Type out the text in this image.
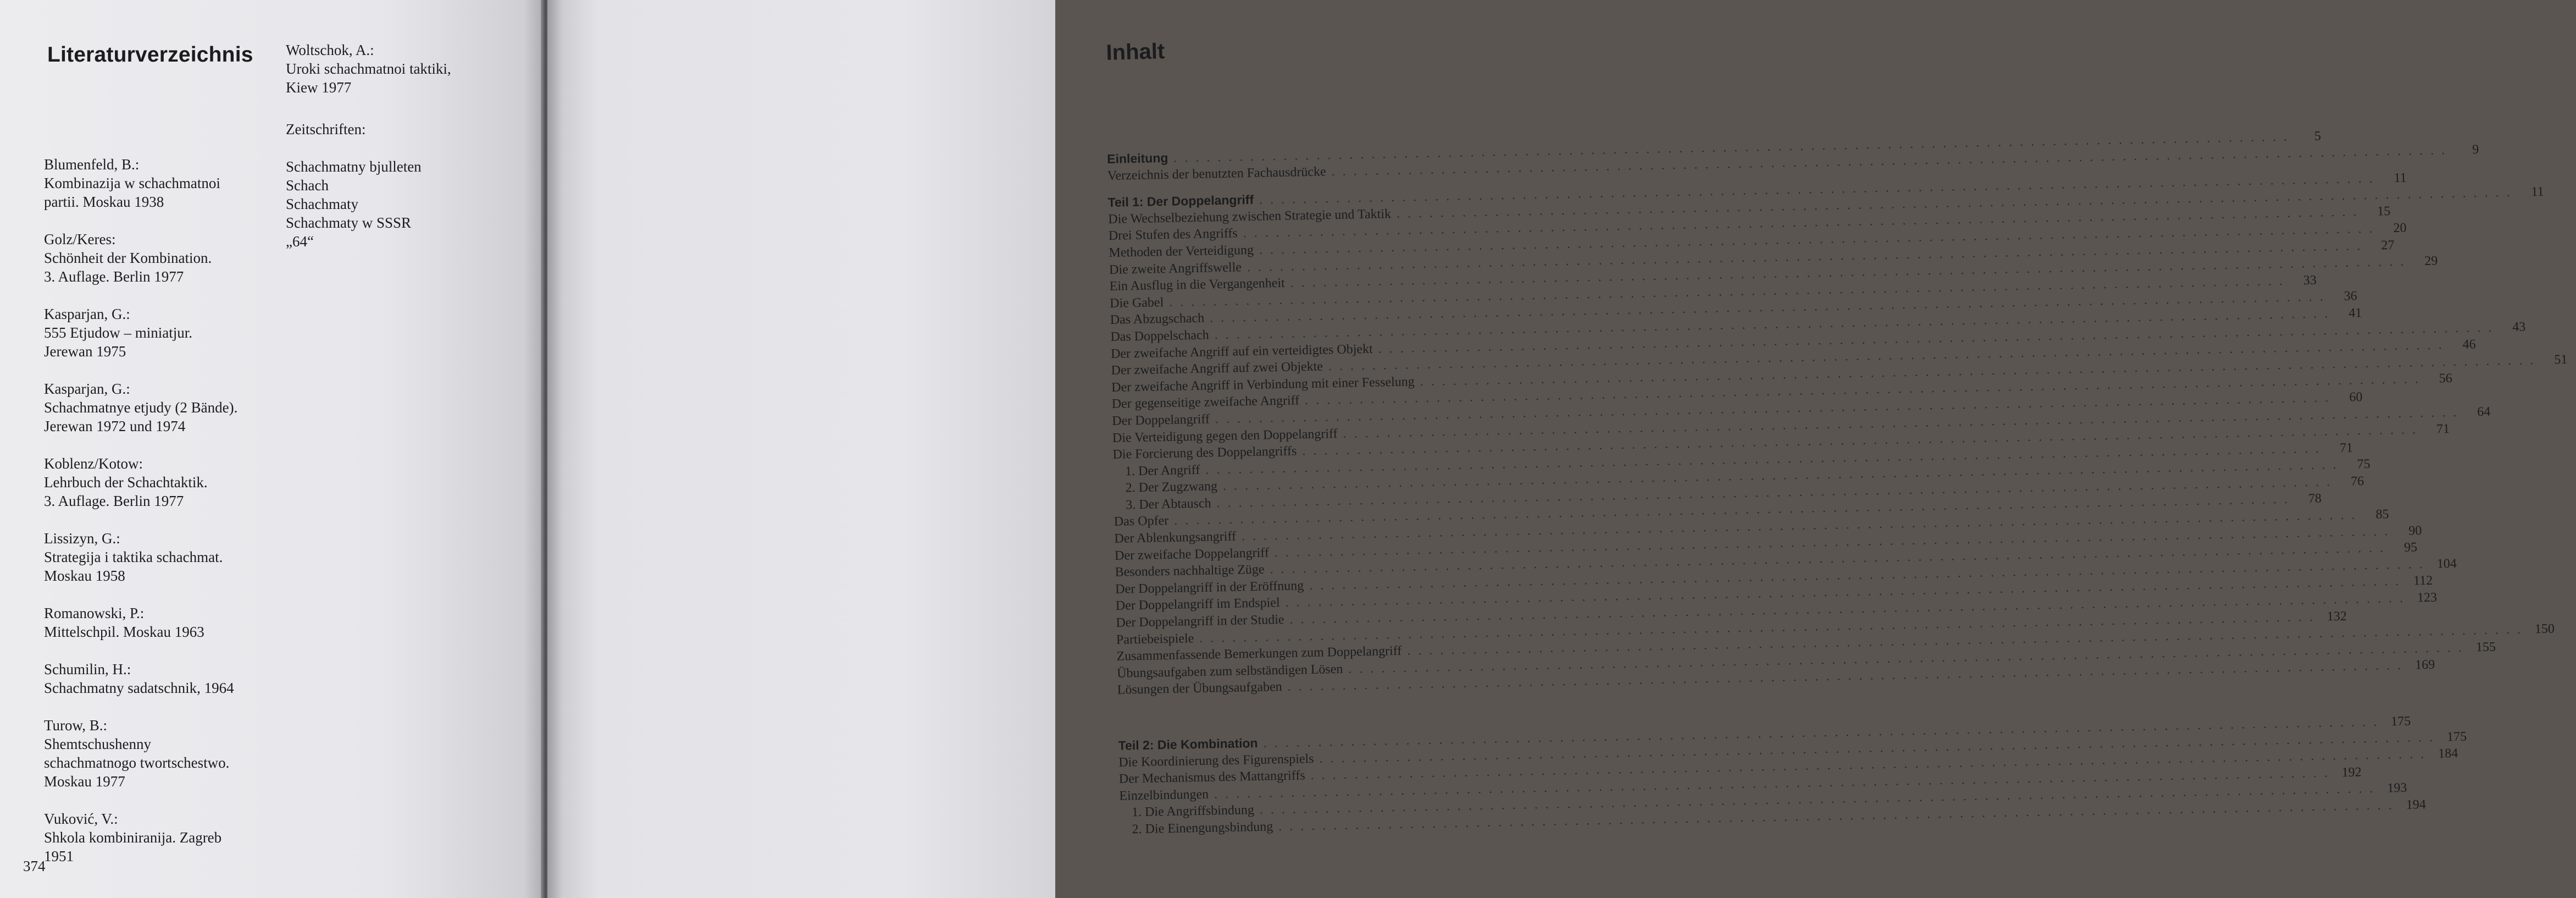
Literaturverzeichnis
Blumenfeld, B.:
Kombinazija w schachmatnoi
partii. Moskau 1938
Golz/Keres:
Schönheit der Kombination.
3. Auflage. Berlin 1977
Kasparjan, G.:
555 Etjudow – miniatjur.
Jerewan 1975
Kasparjan, G.:
Schachmatnye etjudy (2 Bände).
Jerewan 1972 und 1974
Koblenz/Kotow:
Lehrbuch der Schachtaktik.
3. Auflage. Berlin 1977
Lissizyn, G.:
Strategija i taktika schachmat.
Moskau 1958
Romanowski, P.:
Mittelschpil. Moskau 1963
Schumilin, H.:
Schachmatny sadatschnik, 1964
Turow, B.:
Shemtschushenny
schachmatnogo twortschestwo.
Moskau 1977
Vuković, V.:
Shkola kombiniranija. Zagreb
1951
Woltschok, A.:
Uroki schachmatnoi taktiki,
Kiew 1977
Zeitschriften:
Schachmatny bjulleten
Schach
Schachmaty
Schachmaty w SSSR
„64“
374
Inhalt
Einleitung
. . .
5
Verzeichnis der benutzten Fachausdrücke
. . .
9
Teil 1: Der Doppelangriff
. . .
11
Die Wechselbeziehung zwischen Strategie und Taktik
. . .
11
Drei Stufen des Angriffs
. . .
15
Methoden der Verteidigung
. . .
20
Die zweite Angriffswelle
. . .
27
Ein Ausflug in die Vergangenheit
. . .
29
Die Gabel
. . .
33
Das Abzugschach
. . .
36
Das Doppelschach
. . .
41
Der zweifache Angriff auf ein verteidigtes Objekt
. . .
43
Der zweifache Angriff auf zwei Objekte
. . .
46
Der zweifache Angriff in Verbindung mit einer Fesselung
. . .
51
Der gegenseitige zweifache Angriff
. . .
56
Der Doppelangriff
. . .
60
Die Verteidigung gegen den Doppelangriff
. . .
64
Die Forcierung des Doppelangriffs
. . .
71
1. Der Angriff
. . .
71
2. Der Zugzwang
. . .
75
3. Der Abtausch
. . .
76
Das Opfer
. . .
78
Der Ablenkungsangriff
. . .
85
Der zweifache Doppelangriff
. . .
90
Besonders nachhaltige Züge
. . .
95
Der Doppelangriff in der Eröffnung
. . .
104
Der Doppelangriff im Endspiel
. . .
112
Der Doppelangriff in der Studie
. . .
123
Partiebeispiele
. . .
132
Zusammenfassende Bemerkungen zum Doppelangriff
. . .
150
Übungsaufgaben zum selbständigen Lösen
. . .
155
Lösungen der Übungsaufgaben
. . .
169
Teil 2: Die Kombination
. . .
175
Die Koordinierung des Figurenspiels
. . .
175
Der Mechanismus des Mattangriffs
. . .
184
Einzelbindungen
. . .
192
1. Die Angriffsbindung
. . .
193
2. Die Einengungsbindung
. . .
194
